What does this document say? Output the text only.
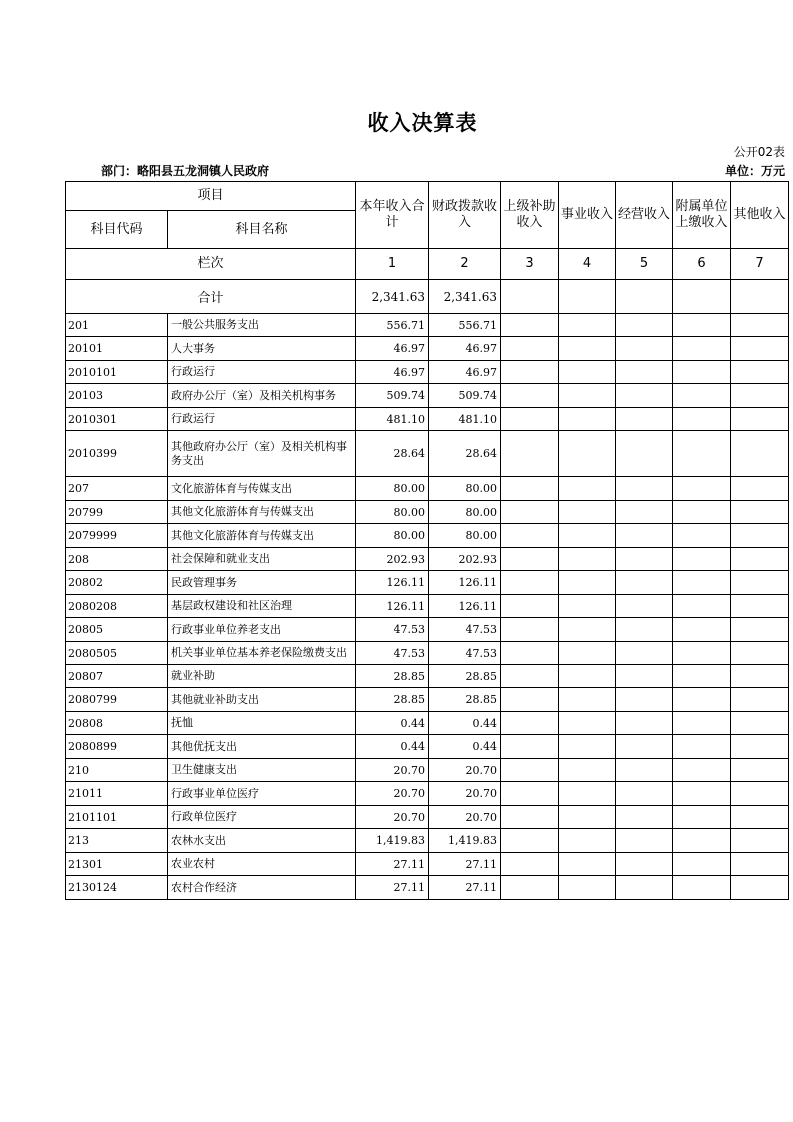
收入决算表
公开02表
部门：略阳县五龙洞镇人民政府	单位：万元
项目		本年收入合计	财政拨款收入	上级补助收入	事业收入	经营收入	附属单位上缴收入	其他收入
科目代码	科目名称							
栏次		1	2	3	4	5	6	7
合计		2,341.63	2,341.63					
201	一般公共服务支出	556.71	556.71					
20101	人大事务	46.97	46.97					
2010101	行政运行	46.97	46.97					
20103	政府办公厅（室）及相关机构事务	509.74	509.74					
2010301	行政运行	481.10	481.10					
2010399	其他政府办公厅（室）及相关机构事务支出	28.64	28.64					
207	文化旅游体育与传媒支出	80.00	80.00					
20799	其他文化旅游体育与传媒支出	80.00	80.00					
2079999	其他文化旅游体育与传媒支出	80.00	80.00					
208	社会保障和就业支出	202.93	202.93					
20802	民政管理事务	126.11	126.11					
2080208	基层政权建设和社区治理	126.11	126.11					
20805	行政事业单位养老支出	47.53	47.53					
2080505	机关事业单位基本养老保险缴费支出	47.53	47.53					
20807	就业补助	28.85	28.85					
2080799	其他就业补助支出	28.85	28.85					
20808	抚恤	0.44	0.44					
2080899	其他优抚支出	0.44	0.44					
210	卫生健康支出	20.70	20.70					
21011	行政事业单位医疗	20.70	20.70					
2101101	行政单位医疗	20.70	20.70					
213	农林水支出	1,419.83	1,419.83					
21301	农业农村	27.11	27.11					
2130124	农村合作经济	27.11	27.11					
